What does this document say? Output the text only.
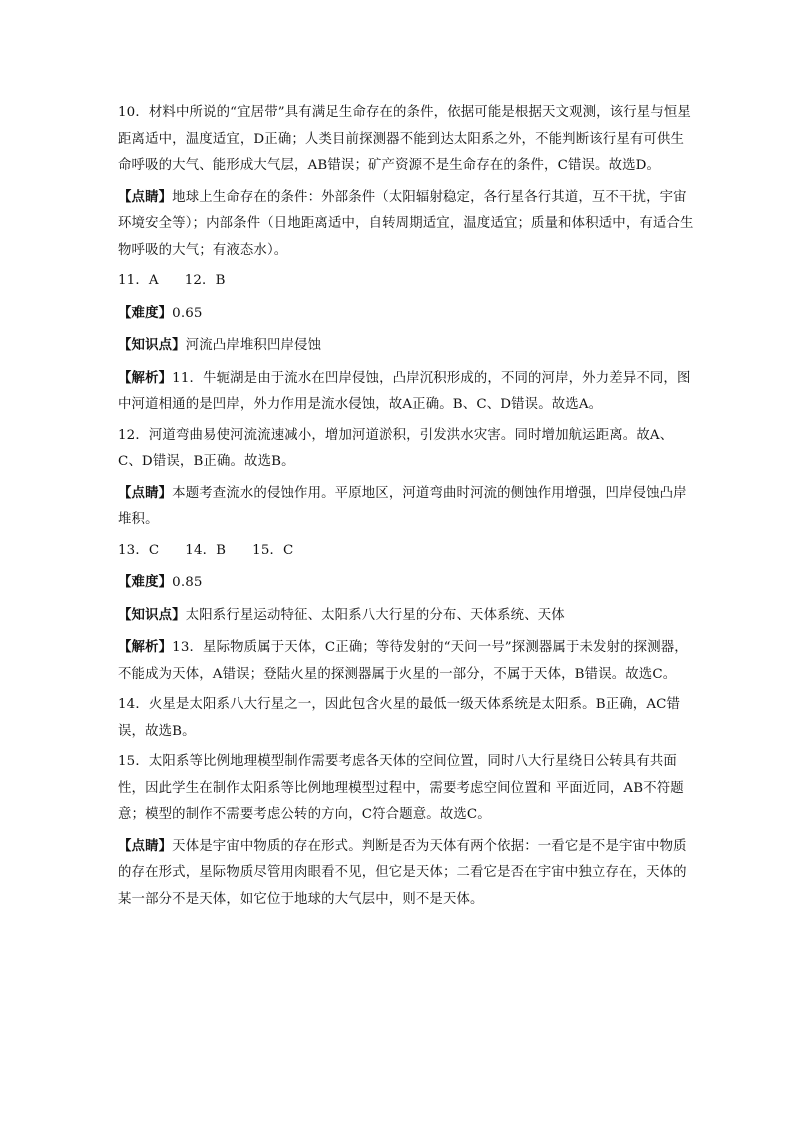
10．材料中所说的“宜居带”具有满足生命存在的条件，依据可能是根据天文观测，该行星与恒星距离适中，温度适宜，D正确；人类目前探测器不能到达太阳系之外，不能判断该行星有可供生命呼吸的大气、能形成大气层，AB错误；矿产资源不是生命存在的条件，C错误。故选D。

【点睛】地球上生命存在的条件：外部条件（太阳辐射稳定，各行星各行其道，互不干扰，宇宙环境安全等）；内部条件（日地距离适中，自转周期适宜，温度适宜；质量和体积适中，有适合生物呼吸的大气；有液态水）。

11．A 12．B

【难度】0.65

【知识点】河流凸岸堆积凹岸侵蚀

【解析】11．牛轭湖是由于流水在凹岸侵蚀，凸岸沉积形成的，不同的河岸，外力差异不同，图中河道相通的是凹岸，外力作用是流水侵蚀，故A正确。B、C、D错误。故选A。

12．河道弯曲易使河流流速减小，增加河道淤积，引发洪水灾害。同时增加航运距离。故A、C、D错误，B正确。故选B。

【点睛】本题考查流水的侵蚀作用。平原地区，河道弯曲时河流的侧蚀作用增强，凹岸侵蚀凸岸堆积。

13．C 14．B 15．C

【难度】0.85

【知识点】太阳系行星运动特征、太阳系八大行星的分布、天体系统、天体

【解析】13．星际物质属于天体，C正确；等待发射的“天问一号”探测器属于未发射的探测器，不能成为天体，A错误；登陆火星的探测器属于火星的一部分，不属于天体，B错误。故选C。

14．火星是太阳系八大行星之一，因此包含火星的最低一级天体系统是太阳系。B正确，AC错误，故选B。

15．太阳系等比例地理模型制作需要考虑各天体的空间位置，同时八大行星绕日公转具有共面性，因此学生在制作太阳系等比例地理模型过程中，需要考虑空间位置和 平面近同，AB不符题意；模型的制作不需要考虑公转的方向，C符合题意。故选C。

【点睛】天体是宇宙中物质的存在形式。判断是否为天体有两个依据：一看它是不是宇宙中物质的存在形式，星际物质尽管用肉眼看不见，但它是天体；二看它是否在宇宙中独立存在，天体的某一部分不是天体，如它位于地球的大气层中，则不是天体。
